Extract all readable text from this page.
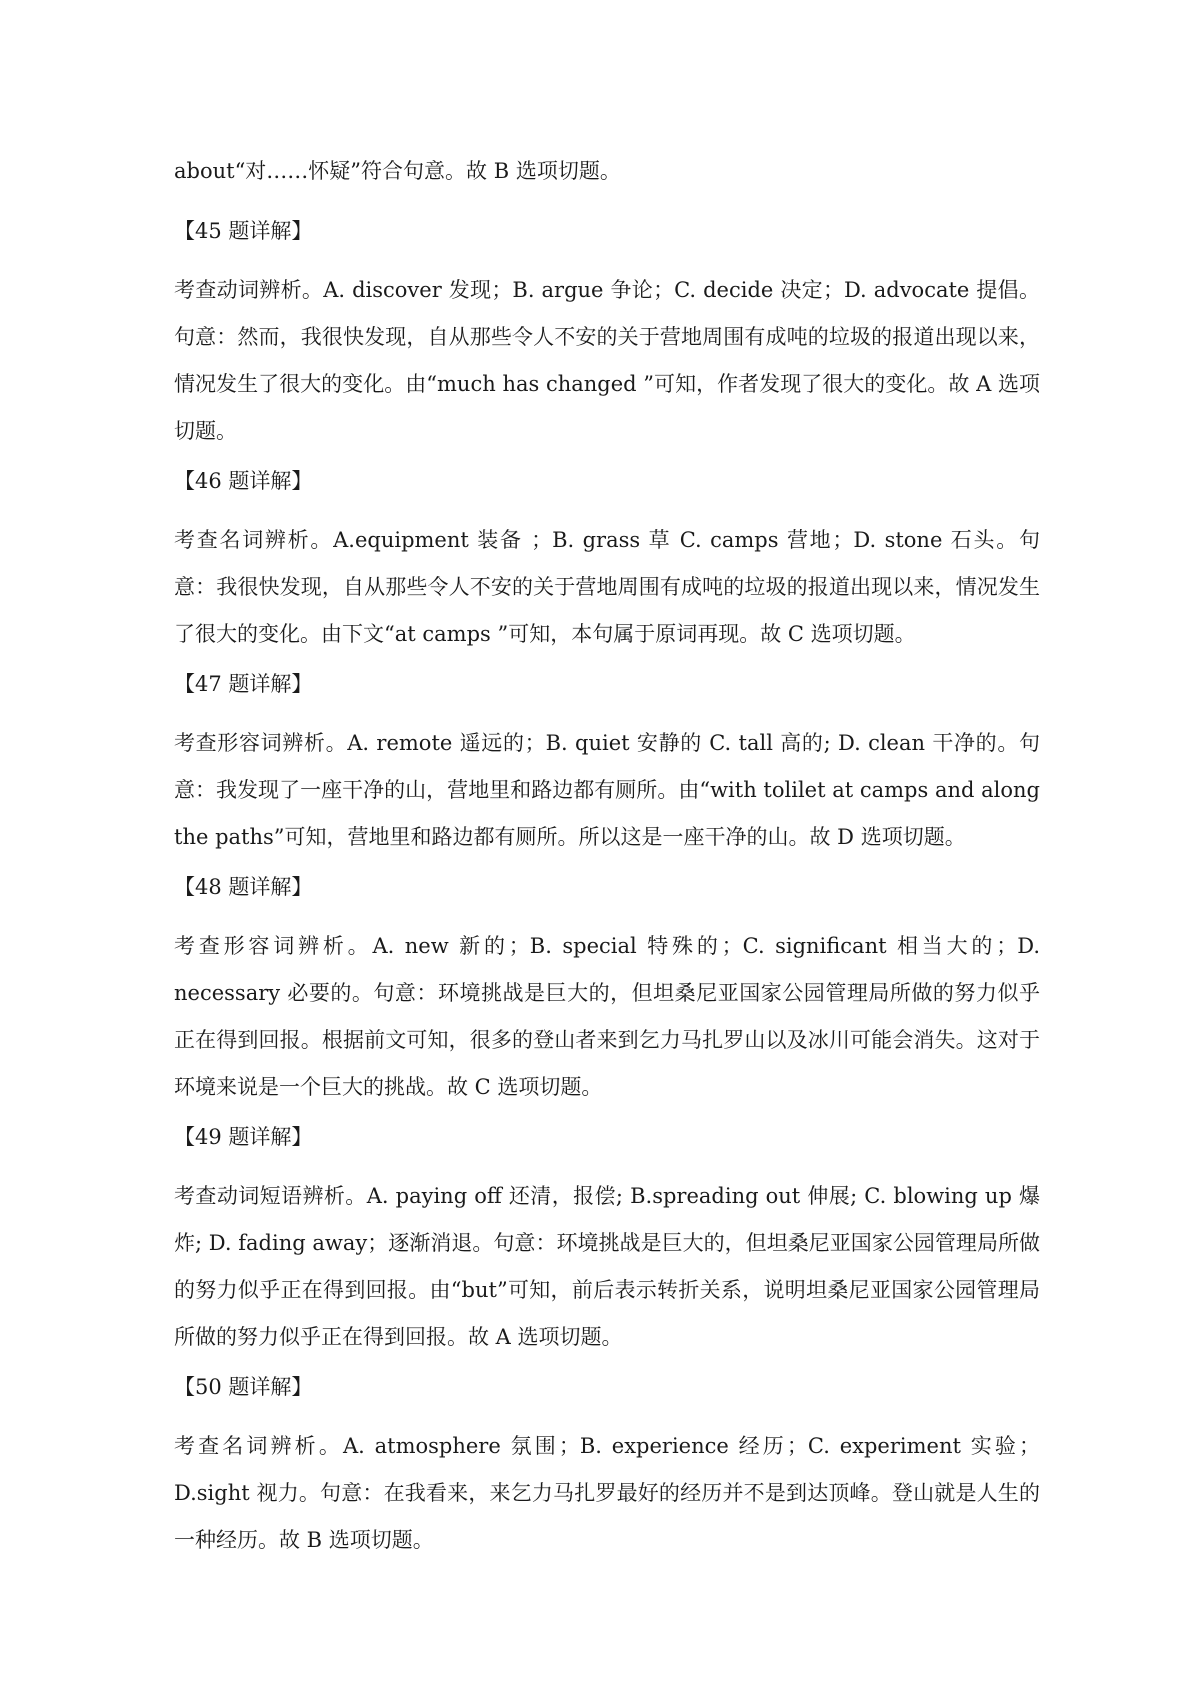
about“对……怀疑”符合句意。故 B 选项切题。

【45 题详解】

考查动词辨析。A. discover 发现；B. argue 争论；C. decide 决定；D. advocate 提倡。句意：然而，我很快发现，自从那些令人不安的关于营地周围有成吨的垃圾的报道出现以来，情况发生了很大的变化。由“much has changed ”可知，作者发现了很大的变化。故 A 选项切题。

【46 题详解】

考查名词辨析。A.equipment 装备 ；B. grass 草 C. camps 营地；D. stone 石头。句意：我很快发现，自从那些令人不安的关于营地周围有成吨的垃圾的报道出现以来，情况发生了很大的变化。由下文“at camps ”可知，本句属于原词再现。故 C 选项切题。

【47 题详解】

考查形容词辨析。A. remote 遥远的；B. quiet 安静的 C. tall 高的; D. clean 干净的。句意：我发现了一座干净的山，营地里和路边都有厕所。由“with tolilet at camps and along the paths”可知，营地里和路边都有厕所。所以这是一座干净的山。故 D 选项切题。

【48 题详解】

考查形容词辨析。A. new 新的；B. special 特殊的；C. significant 相当大的；D. necessary 必要的。句意：环境挑战是巨大的，但坦桑尼亚国家公园管理局所做的努力似乎正在得到回报。根据前文可知，很多的登山者来到乞力马扎罗山以及冰川可能会消失。这对于环境来说是一个巨大的挑战。故 C 选项切题。

【49 题详解】

考查动词短语辨析。A. paying off 还清，报偿; B.spreading out 伸展; C. blowing up 爆炸; D. fading away；逐渐消退。句意：环境挑战是巨大的，但坦桑尼亚国家公园管理局所做的努力似乎正在得到回报。由“but”可知，前后表示转折关系，说明坦桑尼亚国家公园管理局所做的努力似乎正在得到回报。故 A 选项切题。

【50 题详解】

考查名词辨析。A. atmosphere 氛围；B. experience 经历；C. experiment 实验；D.sight 视力。句意：在我看来，来乞力马扎罗最好的经历并不是到达顶峰。登山就是人生的一种经历。故 B 选项切题。
